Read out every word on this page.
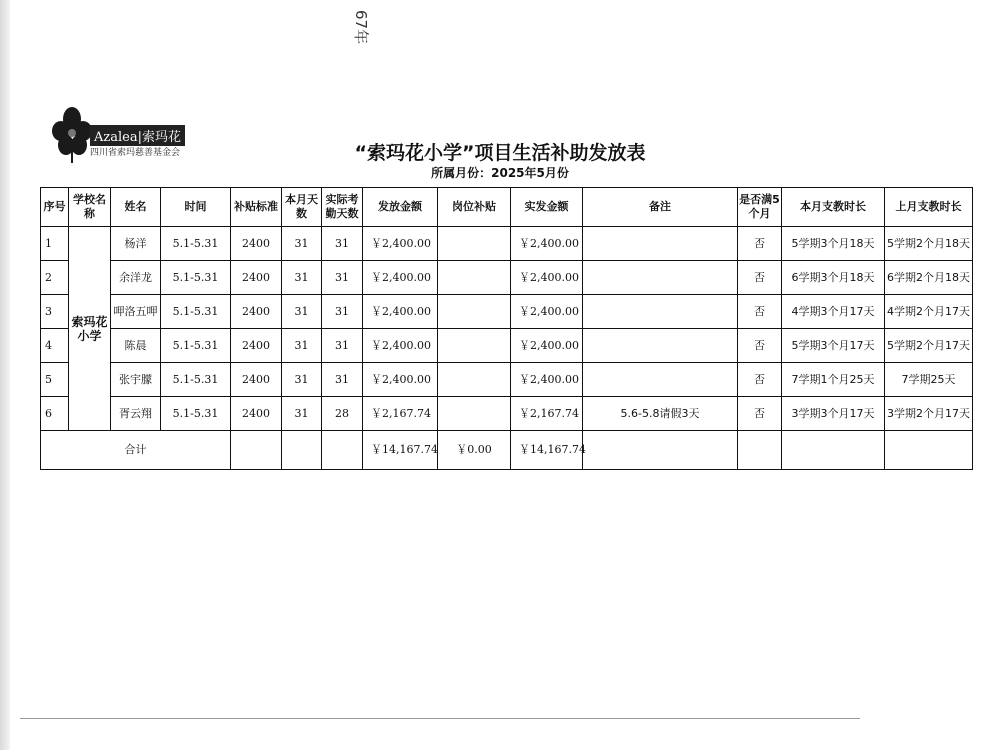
67年
Azalea|索玛花
四川省索玛慈善基金会	“索玛花小学”项目生活补助发放表
所属月份：2025年5月份
序号	学校名称	姓名	时间	补贴标准	本月天数	实际考勤天数	发放金额	岗位补贴	实发金额	备注	是否满5个月	本月支教时长	上月支教时长
1	索玛花小学	杨洋	5.1-5.31	2400	31	31	￥2,400.00		￥2,400.00		否	5学期3个月18天	5学期2个月18天
2		余洋龙	5.1-5.31	2400	31	31	￥2,400.00		￥2,400.00		否	6学期3个月18天	6学期2个月18天
3		呷洛五呷	5.1-5.31	2400	31	31	￥2,400.00		￥2,400.00		否	4学期3个月17天	4学期2个月17天
4		陈晨	5.1-5.31	2400	31	31	￥2,400.00		￥2,400.00		否	5学期3个月17天	5学期2个月17天
5		张宇朦	5.1-5.31	2400	31	31	￥2,400.00		￥2,400.00		否	7学期1个月25天	7学期25天
6		胥云翔	5.1-5.31	2400	31	28	￥2,167.74		￥2,167.74	5.6-5.8请假3天	否	3学期3个月17天	3学期2个月17天
合计							￥14,167.74	￥0.00	￥14,167.74				
